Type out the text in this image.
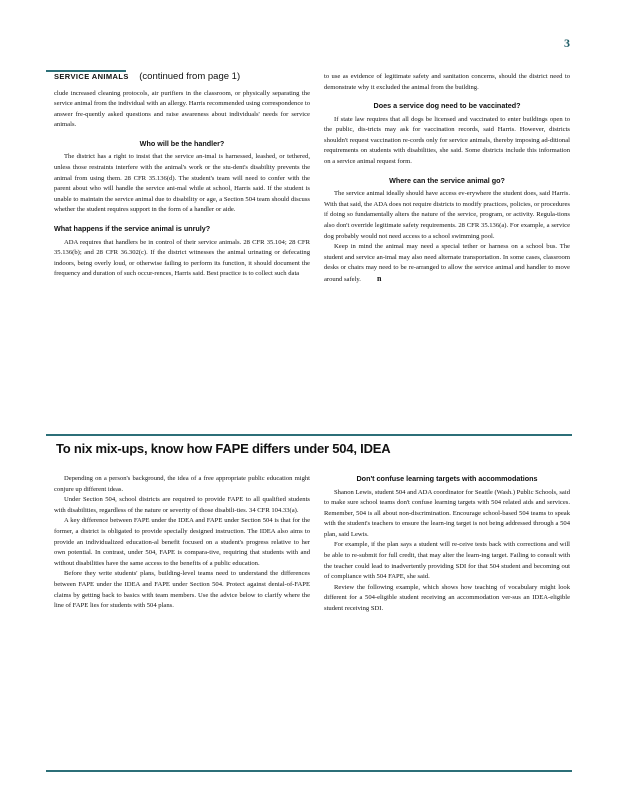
3
SERVICE ANIMALS (continued from page 1)

clude increased cleaning protocols, air purifiers in the classroom, or physically separating the service animal from the individual with an allergy. Harris recommended using correspondence to answer fre-quently asked questions and raise awareness about individuals' needs for service animals.

Who will be the handler?

The district has a right to insist that the service an-imal is harnessed, leashed, or tethered, unless those restraints interfere with the animal's work or the stu-dent's disability prevents the animal from using them. 28 CFR 35.136(d). The student's team will need to confer with the parent about who will handle the service ani-mal while at school, Harris said. If the student is unable to maintain the service animal due to disability or age, a Section 504 team should discuss whether the student requires support in the form of a handler or aide.

What happens if the service animal is unruly?

ADA requires that handlers be in control of their service animals. 28 CFR 35.104; 28 CFR 35.136(b); and 28 CFR 36.302(c). If the district witnesses the animal urinating or defecating indoors, being overly loud, or otherwise failing to perform its function, it should document the frequency and duration of such occur-rences, Harris said. Best practice is to collect such data

to use as evidence of legitimate safety and sanitation concerns, should the district need to demonstrate why it excluded the animal from the building.

Does a service dog need to be vaccinated?

If state law requires that all dogs be licensed and vaccinated to enter buildings open to the public, dis-tricts may ask for vaccination records, said Harris. However, districts shouldn't request vaccination re-cords only for service animals, thereby imposing ad-ditional requirements on students with disabilities, she said. Some districts include this information on a service animal request form.

Where can the service animal go?

The service animal ideally should have access ev-erywhere the student does, said Harris. With that said, the ADA does not require districts to modify practices, policies, or procedures if doing so fundamentally alters the nature of the service, program, or activity. Regula-tions also don't override legitimate safety requirements. 28 CFR 35.136(a). For example, a service dog probably would not need access to a school swimming pool.

Keep in mind the animal may need a special tether or harness on a school bus. The student and service an-imal may also need alternate transportation. In some cases, classroom desks or chairs may need to be re-arranged to allow the service animal and handler to move around safely. n

To nix mix-ups, know how FAPE differs under 504, IDEA

Depending on a person's background, the idea of a free appropriate public education might conjure up different ideas.

Under Section 504, school districts are required to provide FAPE to all qualified students with disabilities, regardless of the nature or severity of those disabili-ties. 34 CFR 104.33(a).

A key difference between FAPE under the IDEA and FAPE under Section 504 is that for the former, a district is obligated to provide specially designed instruction. The IDEA also aims to provide an individualized education-al benefit focused on a student's progress relative to her own potential. In contrast, under 504, FAPE is compara-tive, requiring that students with and without disabilities have the same access to the benefits of a public education.

Before they write students' plans, building-level teams need to understand the differences between FAPE under the IDEA and FAPE under Section 504. Protect against denial-of-FAPE claims by getting back to basics with team members. Use the advice below to clarify where the line of FAPE lies for students with 504 plans.

Don't confuse learning targets with accommodations

Shanon Lewis, student 504 and ADA coordinator for Seattle (Wash.) Public Schools, said to make sure school teams don't confuse learning targets with 504 related aids and services. Remember, 504 is all about non-discrimination. Encourage school-based 504 teams to speak with the student's teachers to ensure the learn-ing target is not being addressed through a 504 plan, said Lewis.

For example, if the plan says a student will re-ceive tests back with corrections and will be able to re-submit for full credit, that may alter the learn-ing target. Failing to consult with the teacher could lead to inadvertently providing SDI for that 504 student and becoming out of compliance with 504 FAPE, she said.

Review the following example, which shows how teaching of vocabulary might look different for a 504-eligible student receiving an accommodation ver-sus an IDEA-eligible student receiving SDI.
